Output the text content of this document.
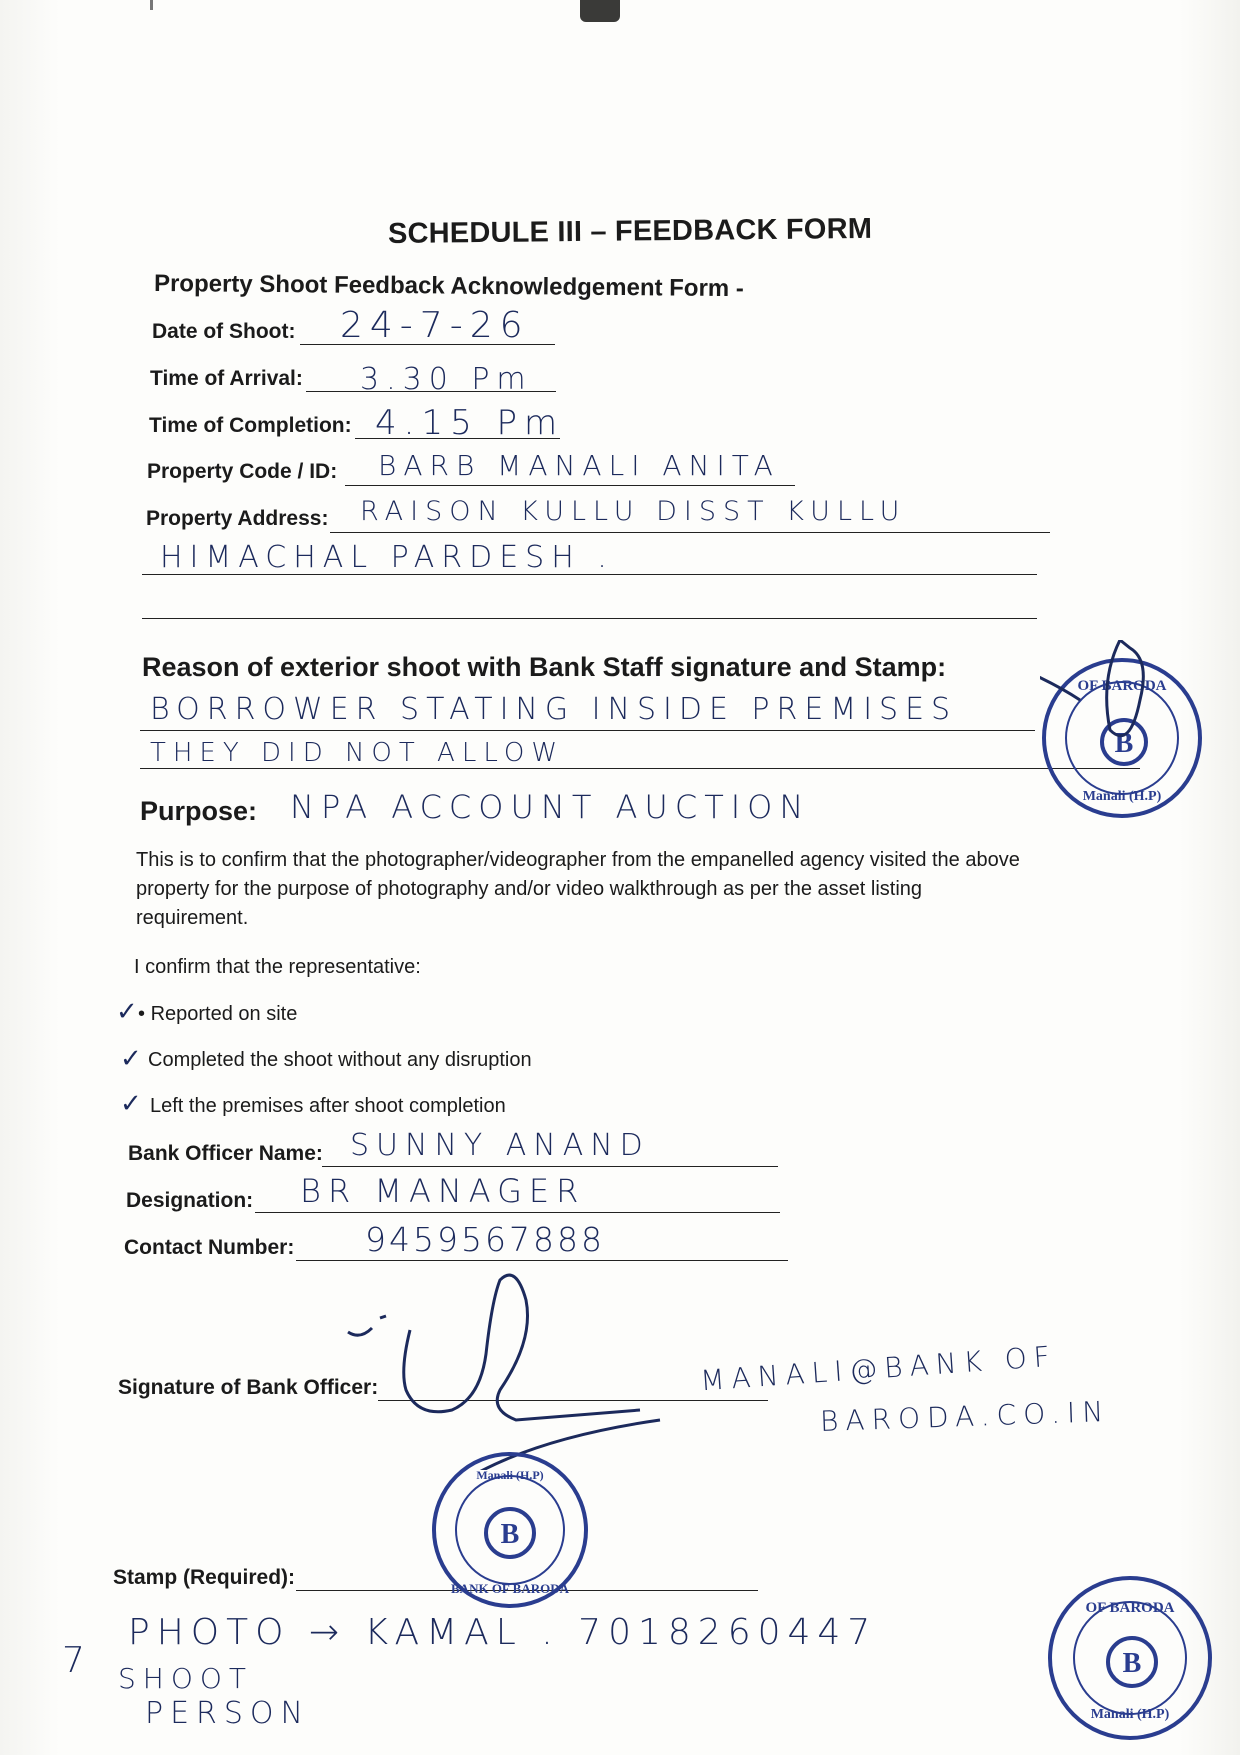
SCHEDULE III – FEEDBACK FORM
Property Shoot Feedback Acknowledgement Form -
Date of Shoot: 24-7-26
Time of Arrival: 3.30 Pm
Time of Completion: 4.15 Pm
Property Code / ID: BARB MANALI ANITA
Property Address: RAISON KULLU DISST KULLU
HIMACHAL PARDESH .
Reason of exterior shoot with Bank Staff signature and Stamp:
BORROWER STATING INSIDE PREMISES
THEY DID NOT ALLOW
Purpose: NPA ACCOUNT AUCTION
This is to confirm that the photographer/videographer from the empanelled agency visited the above property for the purpose of photography and/or video walkthrough as per the asset listing requirement.
I confirm that the representative:
✓ • Reported on site
✓ Completed the shoot without any disruption
✓ Left the premises after shoot completion
Bank Officer Name: SUNNY ANAND
Designation: BR MANAGER
Contact Number: 9459567888
Signature of Bank Officer:	MANALI@BANK OF
BARODA.CO.IN
Stamp (Required):
7
PHOTO → KAMAL . 7018260447
SHOOT
PERSON
B
OF BARODA
Manali (H.P)
B
BANK OF BARODA
Manali (H.P)
B
OF BARODA
Manali (H.P)
